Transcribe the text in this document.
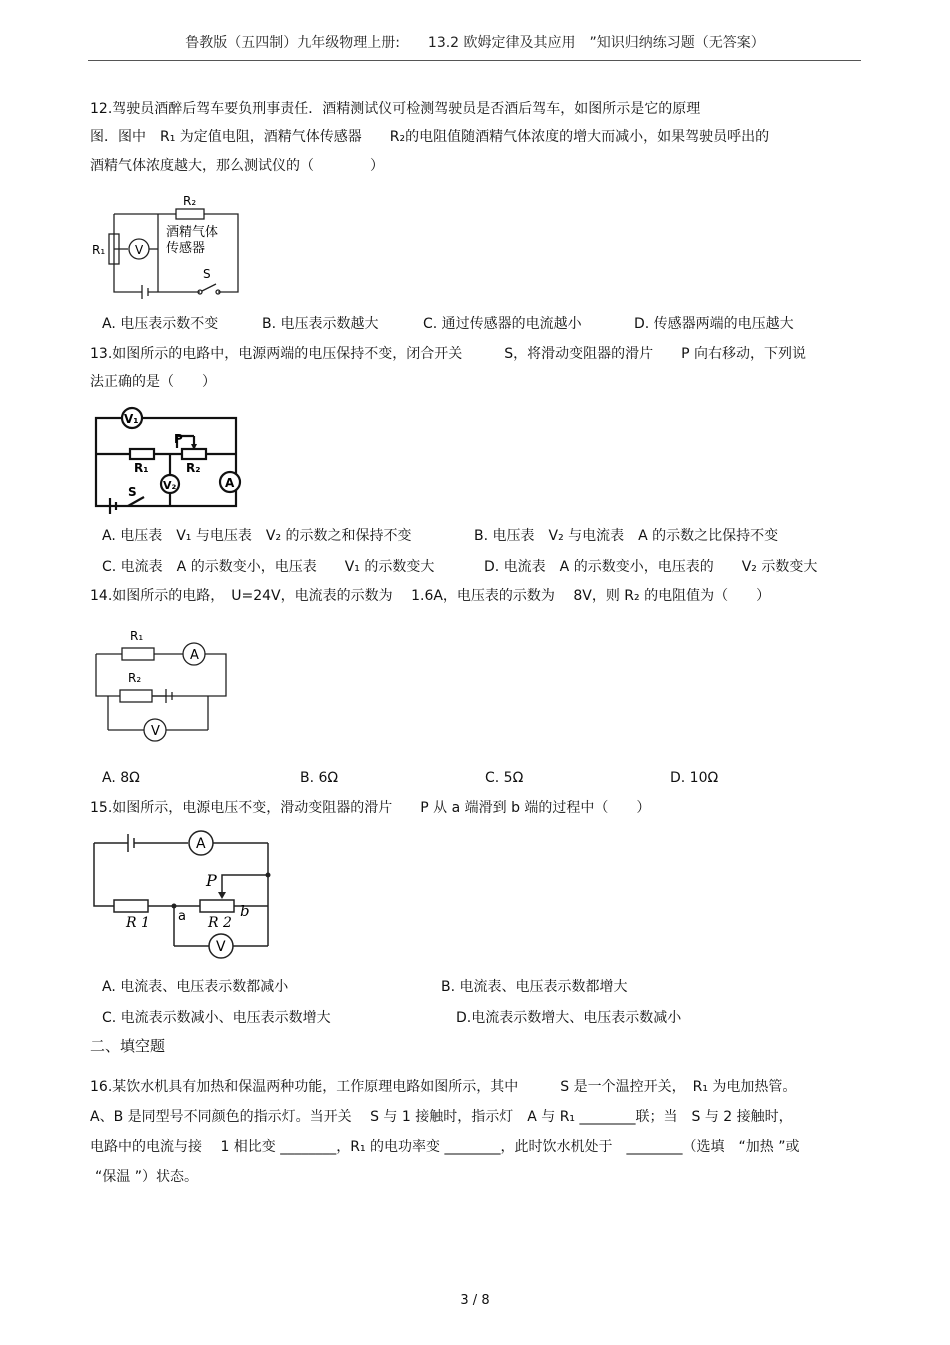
鲁教版（五四制）九年级物理上册:　　13.2 欧姆定律及其应用　”知识归纳练习题（无答案）
12.驾驶员酒醉后驾车要负刑事责任．酒精测试仪可检测驾驶员是否酒后驾车，如图所示是它的原理
图．图中　R₁ 为定值电阻，酒精气体传感器　　R₂的电阻值随酒精气体浓度的增大而减小，如果驾驶员呼出的
酒精气体浓度越大，那么测试仪的（　　　　）
R₂
R₁ V
S
酒精气体
传感器
A. 电压表示数不变	B. 电压表示数越大	C. 通过传感器的电流越小	D. 传感器两端的电压越大
13.如图所示的电路中，电源两端的电压保持不变，闭合开关　　　S，将滑动变阻器的滑片　　P 向右移动，下列说
法正确的是（　　）
V₁
P
R₁	R₂
V₂	A
S
A. 电压表　V₁ 与电压表　V₂ 的示数之和保持不变	B. 电压表　V₂ 与电流表　A 的示数之比保持不变
C. 电流表　A 的示数变小，电压表　　V₁ 的示数变大	D. 电流表　A 的示数变小，电压表的　　V₂ 示数变大
14.如图所示的电路，　U=24V，电流表的示数为　 1.6A，电压表的示数为　 8V，则 R₂ 的电阻值为（　　）
R₁
A
R₂
V
A. 8Ω	B. 6Ω	C. 5Ω	D. 10Ω
15.如图所示，电源电压不变，滑动变阻器的滑片　　P 从 a 端滑到 b 端的过程中（　　）
A
V
P
R 1	R 2
a	b
A. 电流表、电压表示数都减小	B. 电流表、电压表示数都增大
C. 电流表示数减小、电压表示数增大	D.电流表示数增大、电压表示数减小
二、填空题
16.某饮水机具有加热和保温两种功能，工作原理电路如图所示，其中　　　S 是一个温控开关，　R₁ 为电加热管。
A、B 是同型号不同颜色的指示灯。当开关　 S 与 1 接触时，指示灯　A 与 R₁ ________联；当　S 与 2 接触时，
电路中的电流与接　 1 相比变 ________，R₁ 的电功率变 ________，此时饮水机处于　________（选填　“加热 ”或
“保温 ”）状态。
3 / 8
